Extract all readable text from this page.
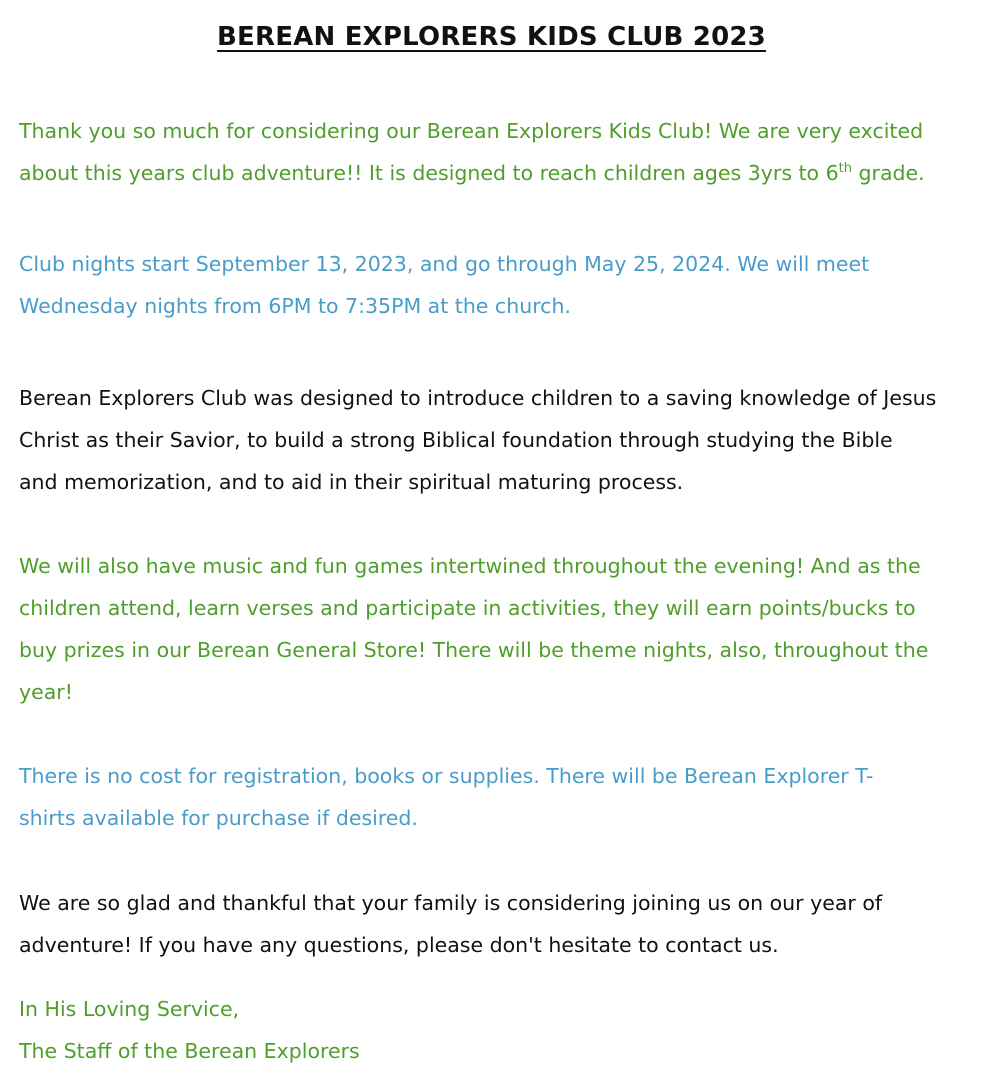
BEREAN EXPLORERS KIDS CLUB 2023

Thank you so much for considering our Berean Explorers Kids Club! We are very excited
about this years club adventure!! It is designed to reach children ages 3yrs to 6th grade.

Club nights start September 13, 2023, and go through May 25, 2024. We will meet
Wednesday nights from 6PM to 7:35PM at the church.

Berean Explorers Club was designed to introduce children to a saving knowledge of Jesus
Christ as their Savior, to build a strong Biblical foundation through studying the Bible
and memorization, and to aid in their spiritual maturing process.

We will also have music and fun games intertwined throughout the evening! And as the
children attend, learn verses and participate in activities, they will earn points/bucks to
buy prizes in our Berean General Store! There will be theme nights, also, throughout the
year!

There is no cost for registration, books or supplies. There will be Berean Explorer T-
shirts available for purchase if desired.

We are so glad and thankful that your family is considering joining us on our year of
adventure! If you have any questions, please don't hesitate to contact us.

In His Loving Service,
The Staff of the Berean Explorers
